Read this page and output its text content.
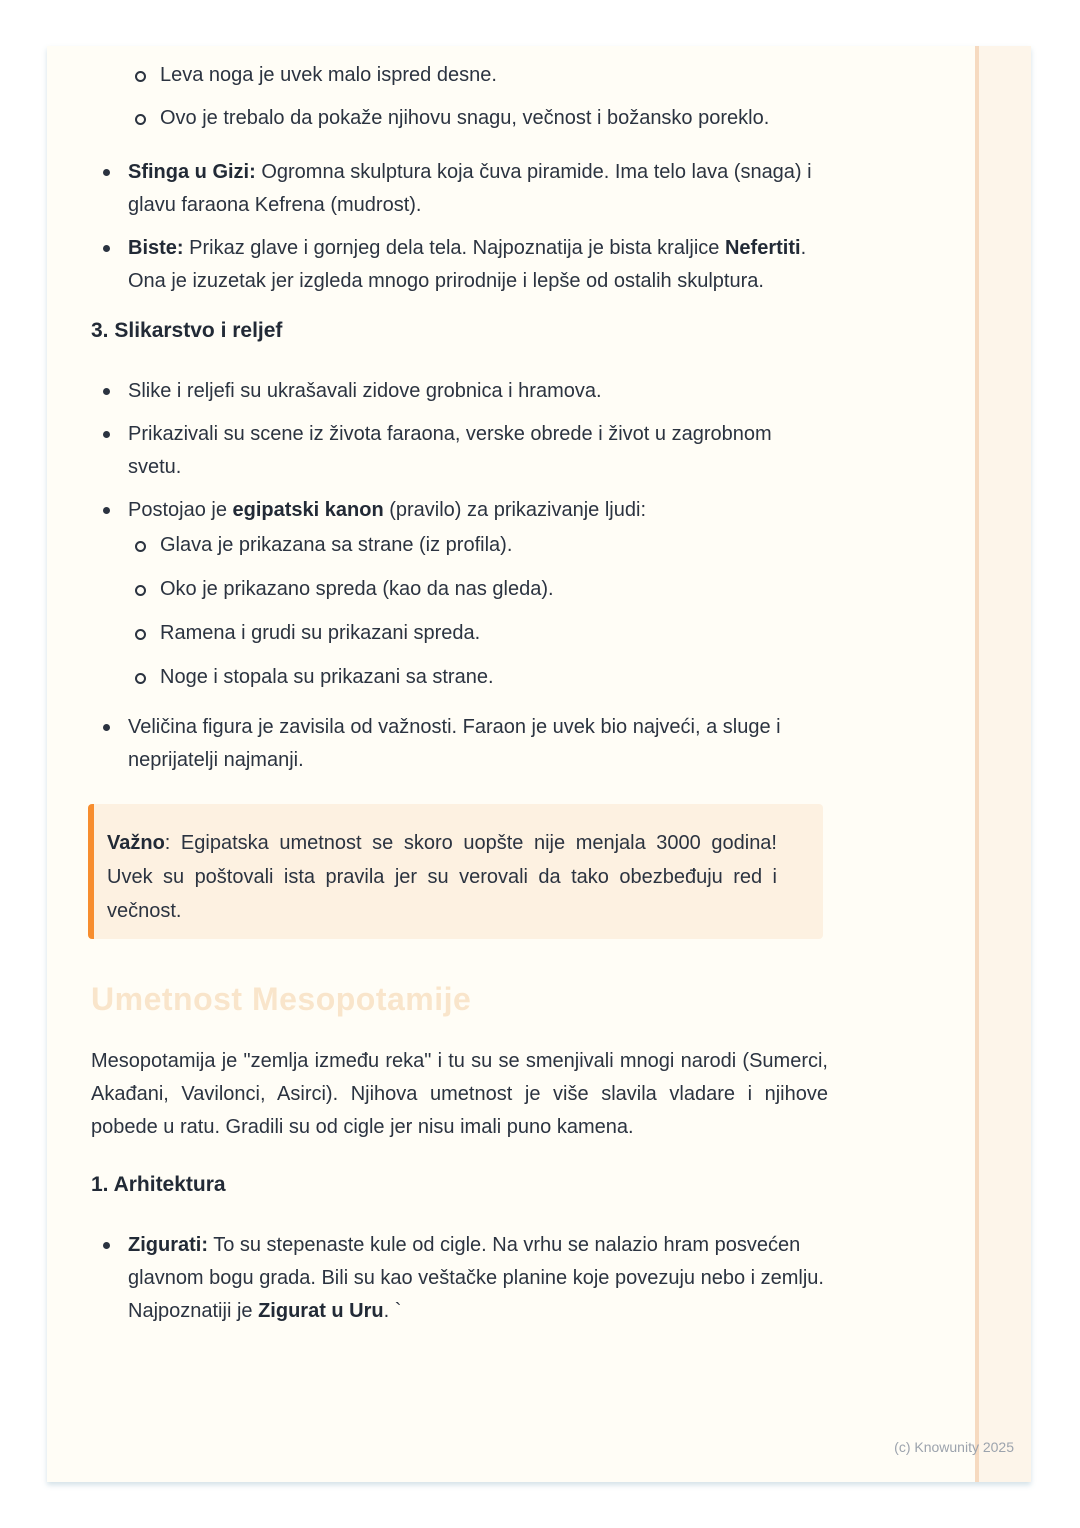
Leva noga je uvek malo ispred desne.
Ovo je trebalo da pokaže njihovu snagu, večnost i božansko poreklo.
Sfinga u Gizi: Ogromna skulptura koja čuva piramide. Ima telo lava (snaga) i glavu faraona Kefrena (mudrost).
Biste: Prikaz glave i gornjeg dela tela. Najpoznatija je bista kraljice Nefertiti. Ona je izuzetak jer izgleda mnogo prirodnije i lepše od ostalih skulptura.
3. Slikarstvo i reljef
Slike i reljefi su ukrašavali zidove grobnica i hramova.
Prikazivali su scene iz života faraona, verske obrede i život u zagrobnom svetu.
Postojao je egipatski kanon (pravilo) za prikazivanje ljudi:
Glava je prikazana sa strane (iz profila).
Oko je prikazano spreda (kao da nas gleda).
Ramena i grudi su prikazani spreda.
Noge i stopala su prikazani sa strane.
Veličina figura je zavisila od važnosti. Faraon je uvek bio najveći, a sluge i neprijatelji najmanji.
Važno: Egipatska umetnost se skoro uopšte nije menjala 3000 godina! Uvek su poštovali ista pravila jer su verovali da tako obezbeđuju red i večnost.
Umetnost Mesopotamije

Mesopotamija je "zemlja između reka" i tu su se smenjivali mnogi narodi (Sumerci, Akađani, Vavilonci, Asirci). Njihova umetnost je više slavila vladare i njihove pobede u ratu. Gradili su od cigle jer nisu imali puno kamena.

1. Arhitektura
Zigurati: To su stepenaste kule od cigle. Na vrhu se nalazio hram posvećen glavnom bogu grada. Bili su kao veštačke planine koje povezuju nebo i zemlju. Najpoznatiji je Zigurat u Uru. `
(c) Knowunity 2025
